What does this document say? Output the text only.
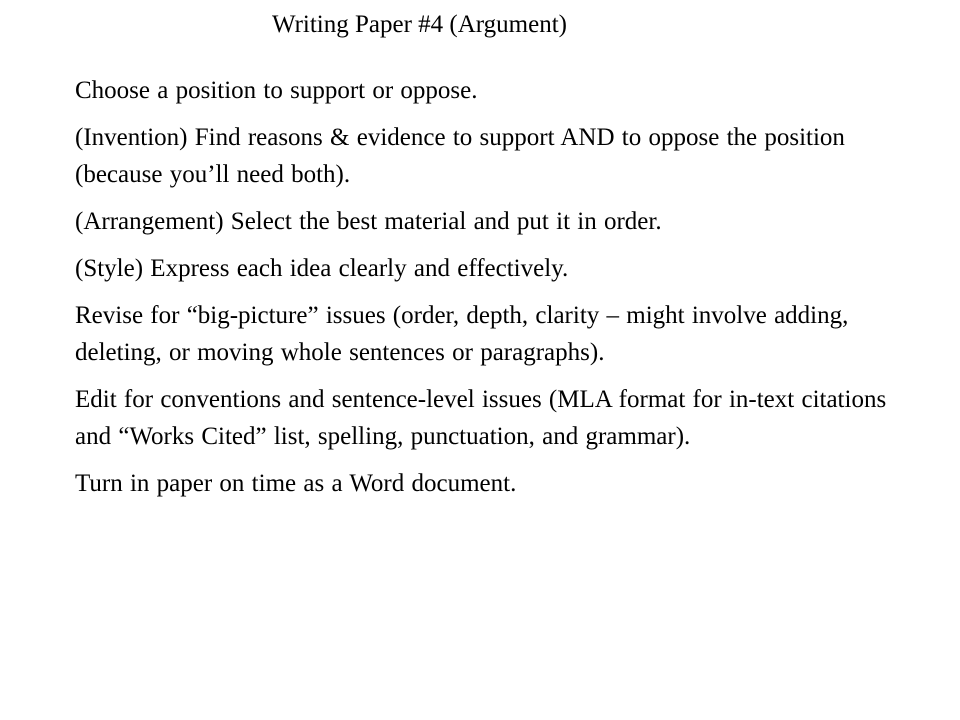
Writing Paper #4 (Argument)
Choose a position to support or oppose.
(Invention) Find reasons & evidence to support AND to oppose the position (because you’ll need both).
(Arrangement) Select the best material and put it in order.
(Style) Express each idea clearly and effectively.
Revise for “big-picture” issues (order, depth, clarity – might involve adding, deleting, or moving whole sentences or paragraphs).
Edit for conventions and sentence-level issues (MLA format for in-text citations and “Works Cited” list, spelling, punctuation, and grammar).
Turn in paper on time as a Word document.
